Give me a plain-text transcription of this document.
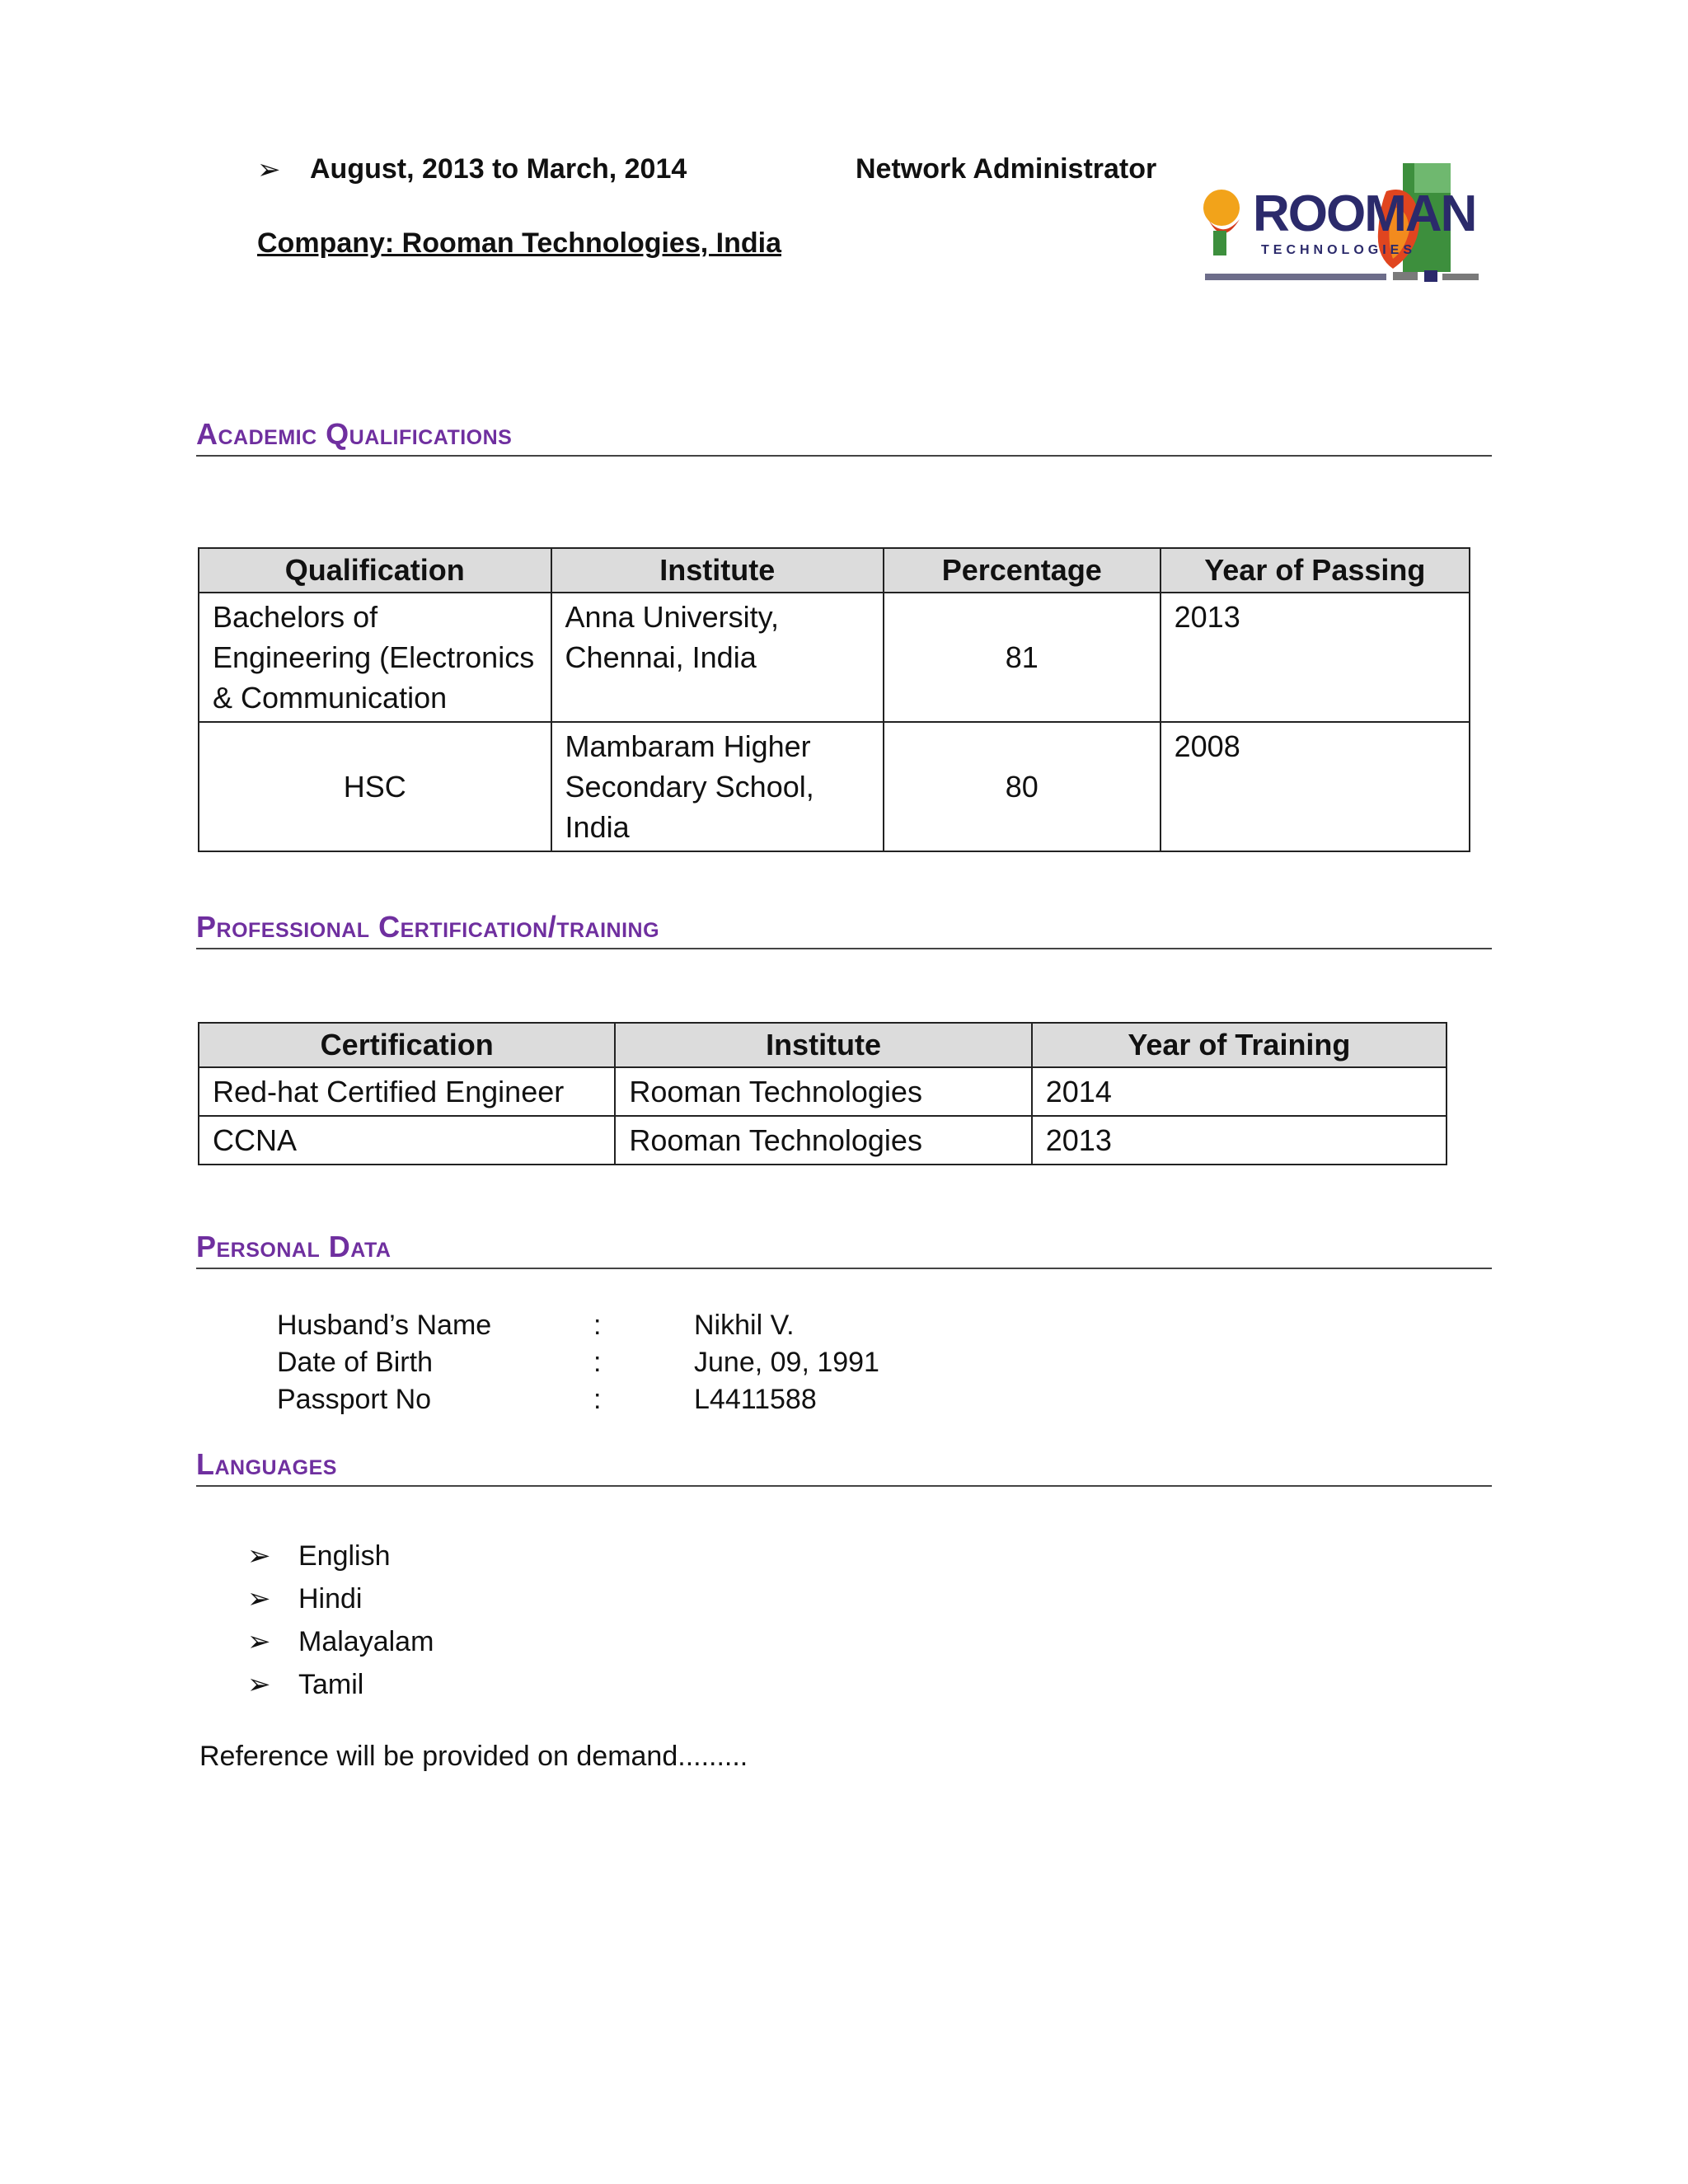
➢ August, 2013 to March, 2014	Network Administrator
Company: Rooman Technologies, India
ROOMAN
TECHNOLOGIES
Academic Qualifications
Qualification	Institute	Percentage	Year of Passing
Bachelors of Engineering (Electronics & Communication	Anna University, Chennai, India	81	2013
HSC	Mambaram Higher Secondary School, India	80	2008
Professional Certification/training
Certification	Institute	Year of Training
Red-hat Certified Engineer	Rooman Technologies	2014
CCNA	Rooman Technologies	2013
Personal Data
Husband’s Name	:	Nikhil V.
Date of Birth	:	June, 09, 1991
Passport No	:	L4411588
Languages
➢ English
➢ Hindi
➢ Malayalam
➢ Tamil
Reference will be provided on demand.........
